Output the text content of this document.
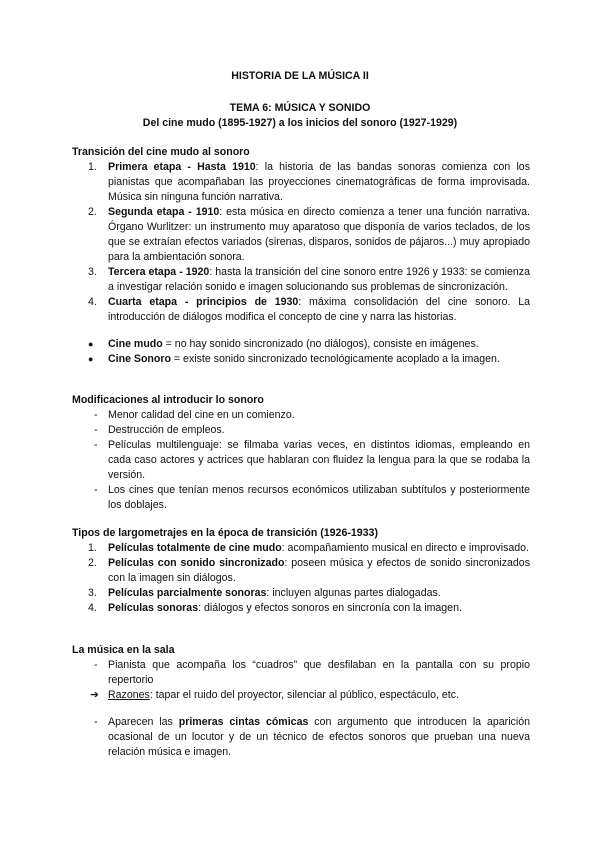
HISTORIA DE LA MÚSICA II
TEMA 6: MÚSICA Y SONIDO
Del cine mudo (1895-1927) a los inicios del sonoro (1927-1929)

Transición del cine mudo al sonoro

1.	Primera etapa - Hasta 1910: la historia de las bandas sonoras comienza con los pianistas que acompañaban las proyecciones cinematográficas de forma improvisada. Música sin ninguna función narrativa.
2.	Segunda etapa - 1910: esta música en directo comienza a tener una función narrativa. Órgano Wurlitzer: un instrumento muy aparatoso que disponía de varios teclados, de los que se extraían efectos variados (sirenas, disparos, sonidos de pájaros...) muy apropiado para la ambientación sonora.
3.	Tercera etapa - 1920: hasta la transición del cine sonoro entre 1926 y 1933: se comienza a investigar relación sonido e imagen solucionando sus problemas de sincronización.
4.	Cuarta etapa - principios de 1930: máxima consolidación del cine sonoro. La introducción de diálogos modifica el concepto de cine y narra las historias.
●	Cine mudo = no hay sonido sincronizado (no diálogos), consiste en imágenes.
●	Cine Sonoro = existe sonido sincronizado tecnológicamente acoplado a la imagen.

Modificaciones al introducir lo sonoro

- Menor calidad del cine en un comienzo.
- Destrucción de empleos.
- Películas multilenguaje: se filmaba varias veces, en distintos idiomas, empleando en cada caso actores y actrices que hablaran con fluidez la lengua para la que se rodaba la versión.
- Los cines que tenían menos recursos económicos utilizaban subtítulos y posteriormente los doblajes.

Tipos de largometrajes en la época de transición (1926-1933)

1.	Películas totalmente de cine mudo: acompañamiento musical en directo e improvisado.
2.	Películas con sonido sincronizado: poseen música y efectos de sonido sincronizados con la imagen sin diálogos.
3.	Películas parcialmente sonoras: incluyen algunas partes dialogadas.
4.	Películas sonoras: diálogos y efectos sonoros en sincronía con la imagen.

La música en la sala

- Pianista que acompaña los “cuadros” que desfilaban en la pantalla con su propio repertorio
➔ Razones: tapar el ruido del proyector, silenciar al público, espectáculo, etc.
- Aparecen las primeras cintas cómicas con argumento que introducen la aparición ocasional de un locutor y de un técnico de efectos sonoros que prueban una nueva relación música e imagen.
